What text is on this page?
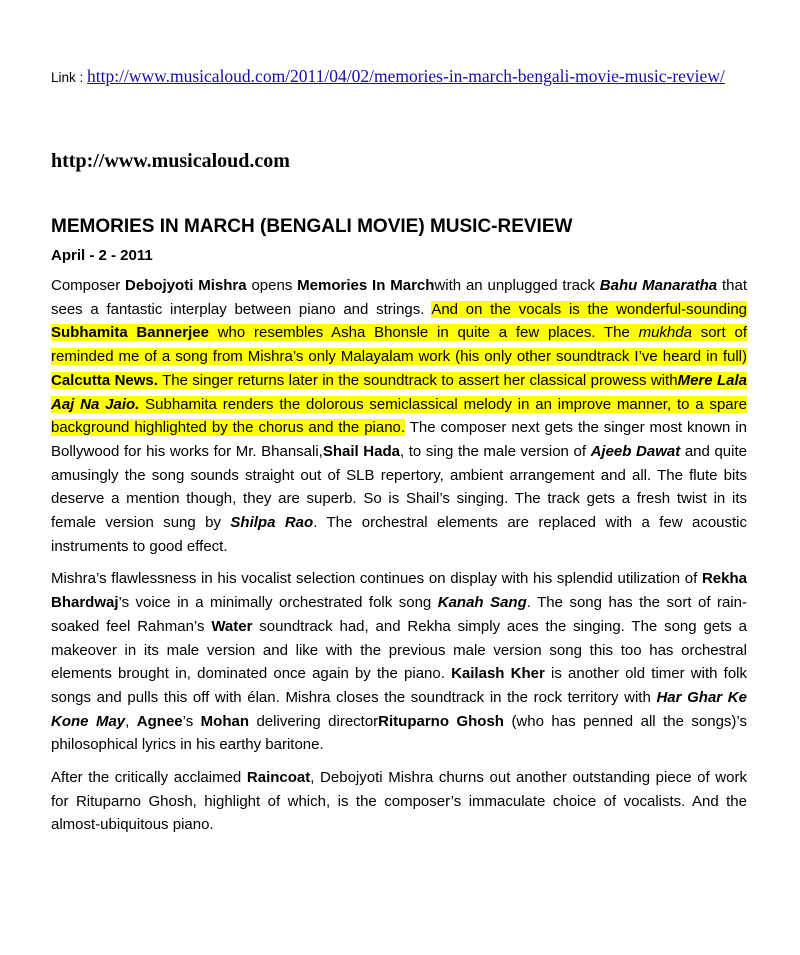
Link : http://www.musicaloud.com/2011/04/02/memories-in-march-bengali-movie-music-review/
http://www.musicaloud.com
MEMORIES IN MARCH (BENGALI MOVIE) MUSIC-REVIEW
April - 2 - 2011

Composer Debojyoti Mishra opens Memories In Marchwith an unplugged track Bahu Manaratha that sees a fantastic interplay between piano and strings. And on the vocals is the wonderful-sounding Subhamita Bannerjee who resembles Asha Bhonsle in quite a few places. The mukhda sort of reminded me of a song from Mishra’s only Malayalam work (his only other soundtrack I’ve heard in full) Calcutta News. The singer returns later in the soundtrack to assert her classical prowess withMere Lala Aaj Na Jaio. Subhamita renders the dolorous semiclassical melody in an improve manner, to a spare background highlighted by the chorus and the piano. The composer next gets the singer most known in Bollywood for his works for Mr. Bhansali,Shail Hada, to sing the male version of Ajeeb Dawat and quite amusingly the song sounds straight out of SLB repertory, ambient arrangement and all. The flute bits deserve a mention though, they are superb. So is Shail’s singing. The track gets a fresh twist in its female version sung by Shilpa Rao. The orchestral elements are replaced with a few acoustic instruments to good effect.

Mishra’s flawlessness in his vocalist selection continues on display with his splendid utilization of Rekha Bhardwaj’s voice in a minimally orchestrated folk song Kanah Sang. The song has the sort of rain-soaked feel Rahman’s Water soundtrack had, and Rekha simply aces the singing. The song gets a makeover in its male version and like with the previous male version song this too has orchestral elements brought in, dominated once again by the piano. Kailash Kher is another old timer with folk songs and pulls this off with élan. Mishra closes the soundtrack in the rock territory with Har Ghar Ke Kone May, Agnee’s Mohan delivering directorRituparno Ghosh (who has penned all the songs)’s philosophical lyrics in his earthy baritone.

After the critically acclaimed Raincoat, Debojyoti Mishra churns out another outstanding piece of work for Rituparno Ghosh, highlight of which, is the composer’s immaculate choice of vocalists. And the almost-ubiquitous piano.
